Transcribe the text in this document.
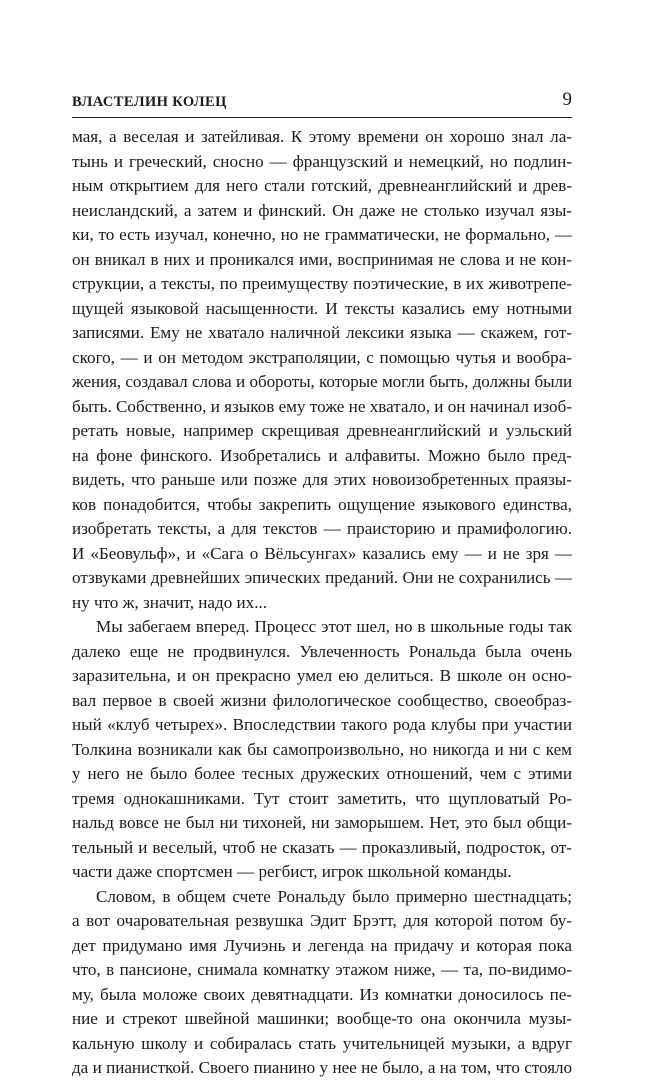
ВЛАСТЕЛИН КОЛЕЦ	9
мая, а веселая и затейливая. К этому времени он хорошо знал ла-
тынь и греческий, сносно — французский и немецкий, но подлин-
ным открытием для него стали готский, древнеанглийский и древ-
неисландский, а затем и финский. Он даже не столько изучал язы-
ки, то есть изучал, конечно, но не грамматически, не формально, —
он вникал в них и проникался ими, воспринимая не слова и не кон-
струкции, а тексты, по преимуществу поэтические, в их животрепе-
щущей языковой насыщенности. И тексты казались ему нотными
записями. Ему не хватало наличной лексики языка — скажем, гот-
ского, — и он методом экстраполяции, с помощью чутья и вообра-
жения, создавал слова и обороты, которые могли быть, должны были
быть. Собственно, и языков ему тоже не хватало, и он начинал изоб-
ретать новые, например скрещивая древнеанглийский и уэльский
на фоне финского. Изобретались и алфавиты. Можно было пред-
видеть, что раньше или позже для этих новоизобретенных праязы-
ков понадобится, чтобы закрепить ощущение языкового единства,
изобретать тексты, а для текстов — праисторию и прамифологию.
И «Беовульф», и «Сага о Вёльсунгах» казались ему — и не зря —
отзвуками древнейших эпических преданий. Они не сохранились —
ну что ж, значит, надо их...
Мы забегаем вперед. Процесс этот шел, но в школьные годы так
далеко еще не продвинулся. Увлеченность Рональда была очень
заразительна, и он прекрасно умел ею делиться. В школе он осно-
вал первое в своей жизни филологическое сообщество, своеобраз-
ный «клуб четырех». Впоследствии такого рода клубы при участии
Толкина возникали как бы самопроизвольно, но никогда и ни с кем
у него не было более тесных дружеских отношений, чем с этими
тремя однокашниками. Тут стоит заметить, что щупловатый Ро-
нальд вовсе не был ни тихоней, ни заморышем. Нет, это был общи-
тельный и веселый, чтоб не сказать — проказливый, подросток, от-
части даже спортсмен — регбист, игрок школьной команды.
Словом, в общем счете Рональду было примерно шестнадцать;
а вот очаровательная резвушка Эдит Брэтт, для которой потом бу-
дет придумано имя Лучиэнь и легенда на придачу и которая пока
что, в пансионе, снимала комнатку этажом ниже, — та, по-видимо-
му, была моложе своих девятнадцати. Из комнатки доносилось пе-
ние и стрекот швейной машинки; вообще-то она окончила музы-
кальную школу и собиралась стать учительницей музыки, а вдруг
да и пианисткой. Своего пианино у нее не было, а на том, что стояло
